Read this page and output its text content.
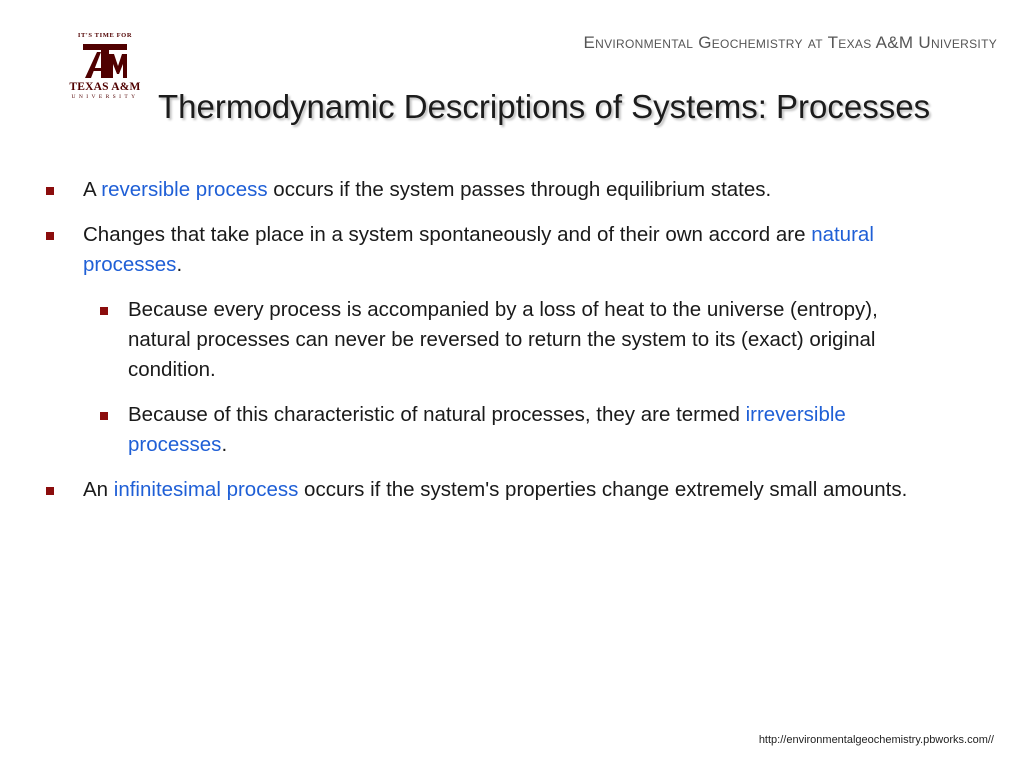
IT'S TIME FOR
TEXAS A&M
UNIVERSITY
Environmental Geochemistry at Texas A&M University
Thermodynamic Descriptions of Systems: Processes
A reversible process occurs if the system passes through equilibrium states.
Changes that take place in a system spontaneously and of their own accord are natural processes.
Because every process is accompanied by a loss of heat to the universe (entropy), natural processes can never be reversed to return the system to its (exact) original condition.
Because of this characteristic of natural processes, they are termed irreversible processes.
An infinitesimal process occurs if the system's properties change extremely small amounts.
http://environmentalgeochemistry.pbworks.com//
